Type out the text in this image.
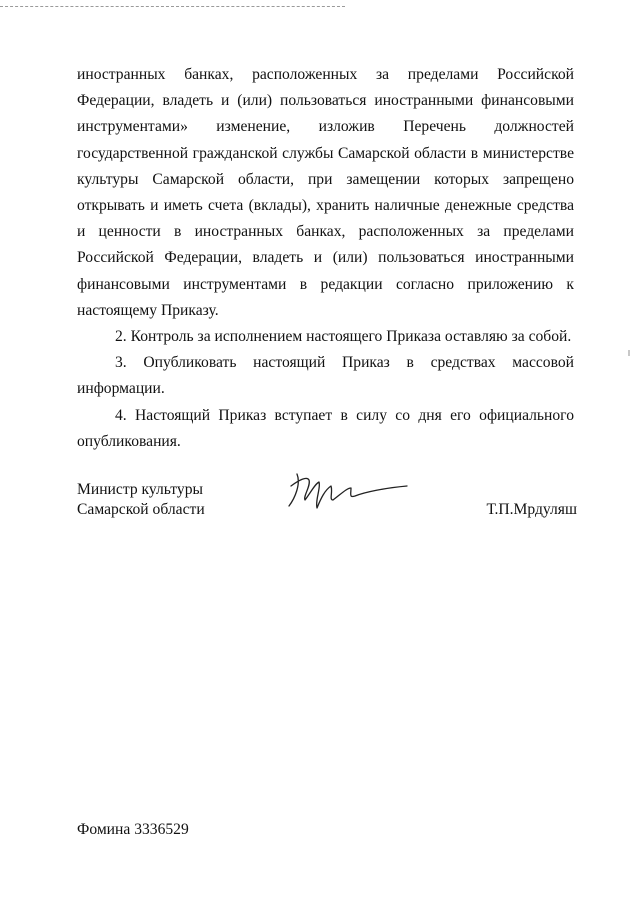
иностранных банках, расположенных за пределами Российской Федерации, владеть и (или) пользоваться иностранными финансовыми инструментами» изменение, изложив Перечень должностей государственной гражданской службы Самарской области в министерстве культуры Самарской области, при замещении которых запрещено открывать и иметь счета (вклады), хранить наличные денежные средства и ценности в иностранных банках, расположенных за пределами Российской Федерации, владеть и (или) пользоваться иностранными финансовыми инструментами в редакции согласно приложению к настоящему Приказу.

2. Контроль за исполнением настоящего Приказа оставляю за собой.

3. Опубликовать настоящий Приказ в средствах массовой информации.

4. Настоящий Приказ вступает в силу со дня его официального опубликования.

Министр культуры
Самарской области	Т.П.Мрдуляш
Фомина 3336529
